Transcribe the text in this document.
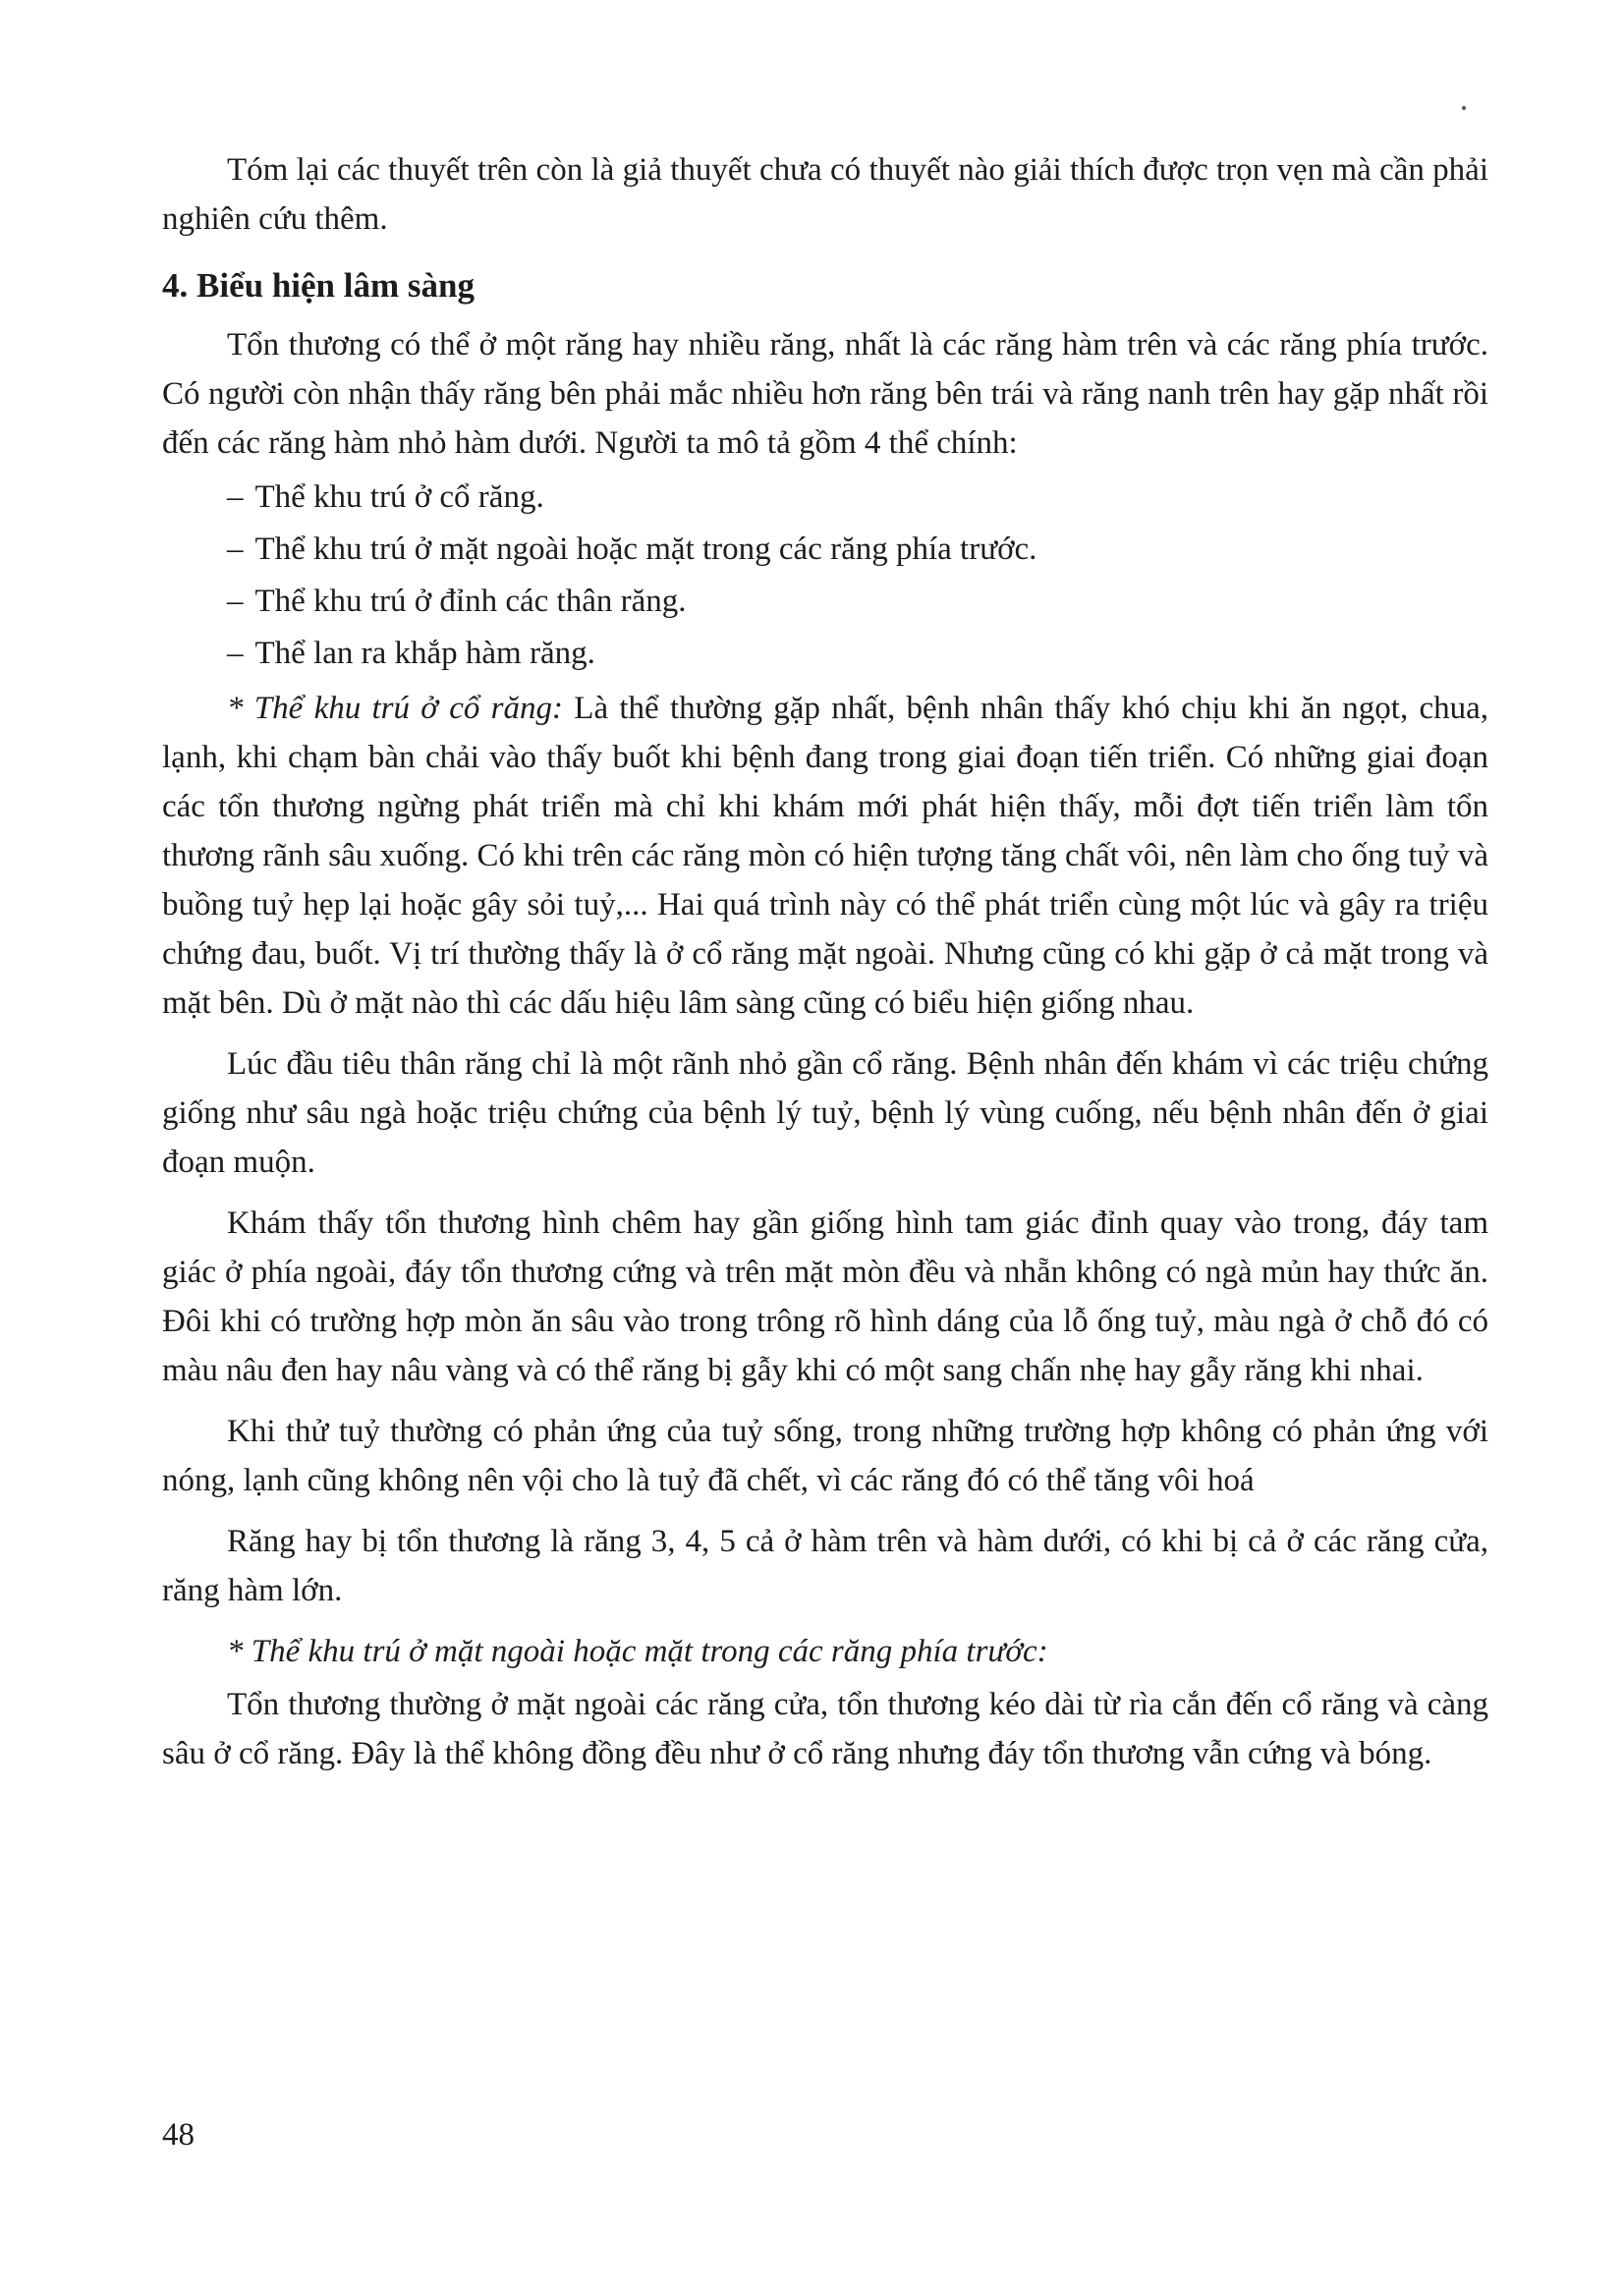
Tóm lại các thuyết trên còn là giả thuyết chưa có thuyết nào giải thích được trọn vẹn mà cần phải nghiên cứu thêm.

4. Biểu hiện lâm sàng

Tổn thương có thể ở một răng hay nhiều răng, nhất là các răng hàm trên và các răng phía trước. Có người còn nhận thấy răng bên phải mắc nhiều hơn răng bên trái và răng nanh trên hay gặp nhất rồi đến các răng hàm nhỏ hàm dưới. Người ta mô tả gồm 4 thể chính:

– Thể khu trú ở cổ răng.
– Thể khu trú ở mặt ngoài hoặc mặt trong các răng phía trước.
– Thể khu trú ở đỉnh các thân răng.
– Thể lan ra khắp hàm răng.

* Thể khu trú ở cổ răng: Là thể thường gặp nhất, bệnh nhân thấy khó chịu khi ăn ngọt, chua, lạnh, khi chạm bàn chải vào thấy buốt khi bệnh đang trong giai đoạn tiến triển. Có những giai đoạn các tổn thương ngừng phát triển mà chỉ khi khám mới phát hiện thấy, mỗi đợt tiến triển làm tổn thương rãnh sâu xuống. Có khi trên các răng mòn có hiện tượng tăng chất vôi, nên làm cho ống tuỷ và buồng tuỷ hẹp lại hoặc gây sỏi tuỷ,... Hai quá trình này có thể phát triển cùng một lúc và gây ra triệu chứng đau, buốt. Vị trí thường thấy là ở cổ răng mặt ngoài. Nhưng cũng có khi gặp ở cả mặt trong và mặt bên. Dù ở mặt nào thì các dấu hiệu lâm sàng cũng có biểu hiện giống nhau.

Lúc đầu tiêu thân răng chỉ là một rãnh nhỏ gần cổ răng. Bệnh nhân đến khám vì các triệu chứng giống như sâu ngà hoặc triệu chứng của bệnh lý tuỷ, bệnh lý vùng cuống, nếu bệnh nhân đến ở giai đoạn muộn.

Khám thấy tổn thương hình chêm hay gần giống hình tam giác đỉnh quay vào trong, đáy tam giác ở phía ngoài, đáy tổn thương cứng và trên mặt mòn đều và nhẵn không có ngà mủn hay thức ăn. Đôi khi có trường hợp mòn ăn sâu vào trong trông rõ hình dáng của lỗ ống tuỷ, màu ngà ở chỗ đó có màu nâu đen hay nâu vàng và có thể răng bị gẫy khi có một sang chấn nhẹ hay gẫy răng khi nhai.

Khi thử tuỷ thường có phản ứng của tuỷ sống, trong những trường hợp không có phản ứng với nóng, lạnh cũng không nên vội cho là tuỷ đã chết, vì các răng đó có thể tăng vôi hoá

Răng hay bị tổn thương là răng 3, 4, 5 cả ở hàm trên và hàm dưới, có khi bị cả ở các răng cửa, răng hàm lớn.

* Thể khu trú ở mặt ngoài hoặc mặt trong các răng phía trước:

Tổn thương thường ở mặt ngoài các răng cửa, tổn thương kéo dài từ rìa cắn đến cổ răng và càng sâu ở cổ răng. Đây là thể không đồng đều như ở cổ răng nhưng đáy tổn thương vẫn cứng và bóng.

48
